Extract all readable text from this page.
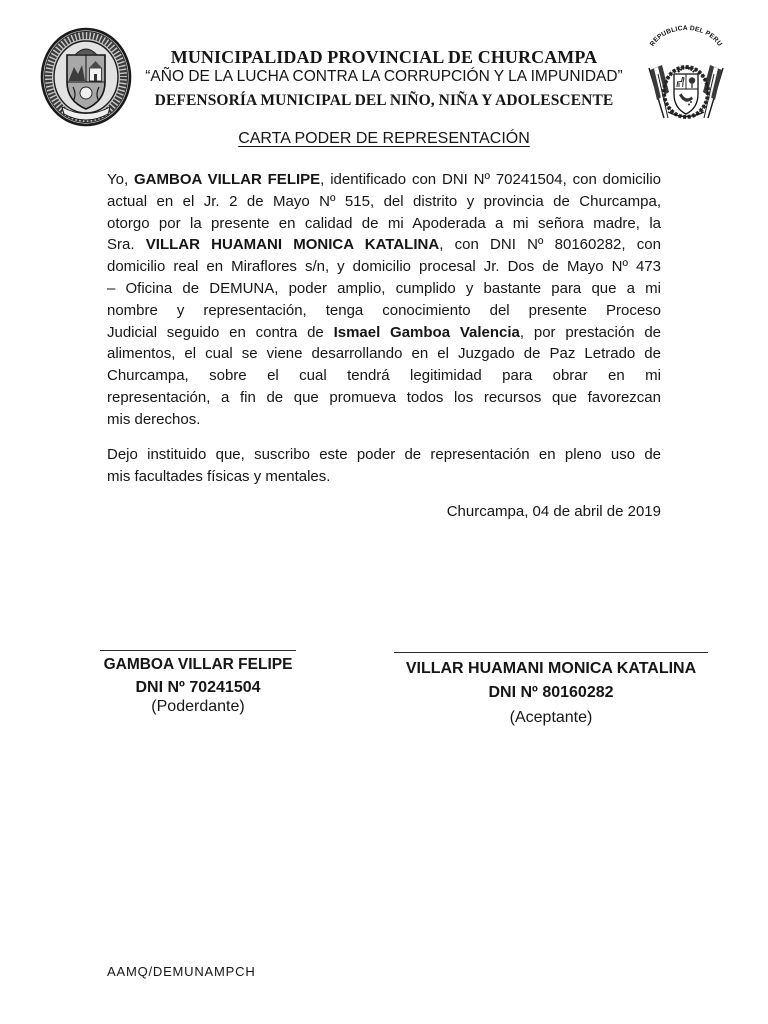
REPUBLICA DEL PERU
MUNICIPALIDAD PROVINCIAL DE CHURCAMPA
“AÑO DE LA LUCHA CONTRA LA CORRUPCIÓN Y LA IMPUNIDAD”
DEFENSORÍA MUNICIPAL DEL NIÑO, NIÑA Y ADOLESCENTE
CARTA PODER DE REPRESENTACIÓN
Yo, GAMBOA VILLAR FELIPE, identificado con DNI Nº 70241504, con domicilio
actual en el Jr. 2 de Mayo Nº 515, del distrito y provincia de Churcampa,
otorgo por la presente en calidad de mi Apoderada a mi señora madre, la
Sra. VILLAR HUAMANI MONICA KATALINA, con DNI Nº 80160282, con
domicilio real en Miraflores s/n, y domicilio procesal Jr. Dos de Mayo Nº 473
– Oficina de DEMUNA, poder amplio, cumplido y bastante para que a mi
nombre y representación, tenga conocimiento del presente Proceso
Judicial seguido en contra de Ismael Gamboa Valencia, por prestación de
alimentos, el cual se viene desarrollando en el Juzgado de Paz Letrado de
Churcampa, sobre el cual tendrá legitimidad para obrar en mi
representación, a fin de que promueva todos los recursos que favorezcan
mis derechos.
Dejo instituido que, suscribo este poder de representación en pleno uso de
mis facultades físicas y mentales.
Churcampa, 04 de abril de 2019
GAMBOA VILLAR FELIPE
DNI Nº 70241504
(Poderdante)
VILLAR HUAMANI MONICA KATALINA
DNI Nº 80160282
(Aceptante)
AAMQ/DEMUNAMPCH
